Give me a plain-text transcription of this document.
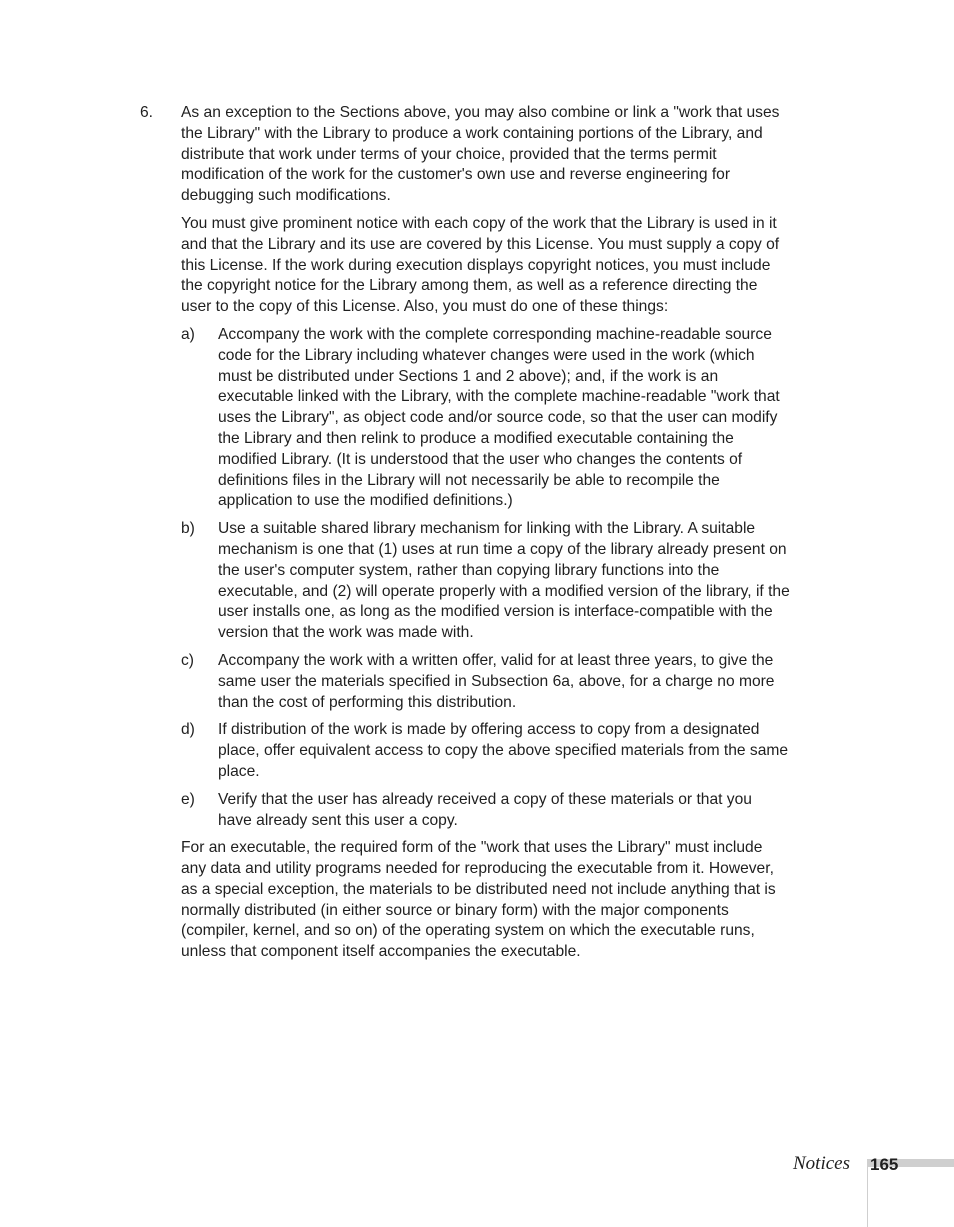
6.	As an exception to the Sections above, you may also combine or link a "work that uses the Library" with the Library to produce a work containing portions of the Library, and distribute that work under terms of your choice, provided that the terms permit modification of the work for the customer's own use and reverse engineering for debugging such modifications.

You must give prominent notice with each copy of the work that the Library is used in it and that the Library and its use are covered by this License. You must supply a copy of this License. If the work during execution displays copyright notices, you must include the copyright notice for the Library among them, as well as a reference directing the user to the copy of this License. Also, you must do one of these things:

a)	Accompany the work with the complete corresponding machine-readable source code for the Library including whatever changes were used in the work (which must be distributed under Sections 1 and 2 above); and, if the work is an executable linked with the Library, with the complete machine-readable "work that uses the Library", as object code and/or source code, so that the user can modify the Library and then relink to produce a modified executable containing the modified Library. (It is understood that the user who changes the contents of definitions files in the Library will not necessarily be able to recompile the application to use the modified definitions.)
b)	Use a suitable shared library mechanism for linking with the Library. A suitable mechanism is one that (1) uses at run time a copy of the library already present on the user's computer system, rather than copying library functions into the executable, and (2) will operate properly with a modified version of the library, if the user installs one, as long as the modified version is interface-compatible with the version that the work was made with.
c)	Accompany the work with a written offer, valid for at least three years, to give the same user the materials specified in Subsection 6a, above, for a charge no more than the cost of performing this distribution.
d)	If distribution of the work is made by offering access to copy from a designated place, offer equivalent access to copy the above specified materials from the same place.
e)	Verify that the user has already received a copy of these materials or that you have already sent this user a copy.

For an executable, the required form of the "work that uses the Library" must include any data and utility programs needed for reproducing the executable from it. However, as a special exception, the materials to be distributed need not include anything that is normally distributed (in either source or binary form) with the major components (compiler, kernel, and so on) of the operating system on which the executable runs, unless that component itself accompanies the executable.

Notices 165
